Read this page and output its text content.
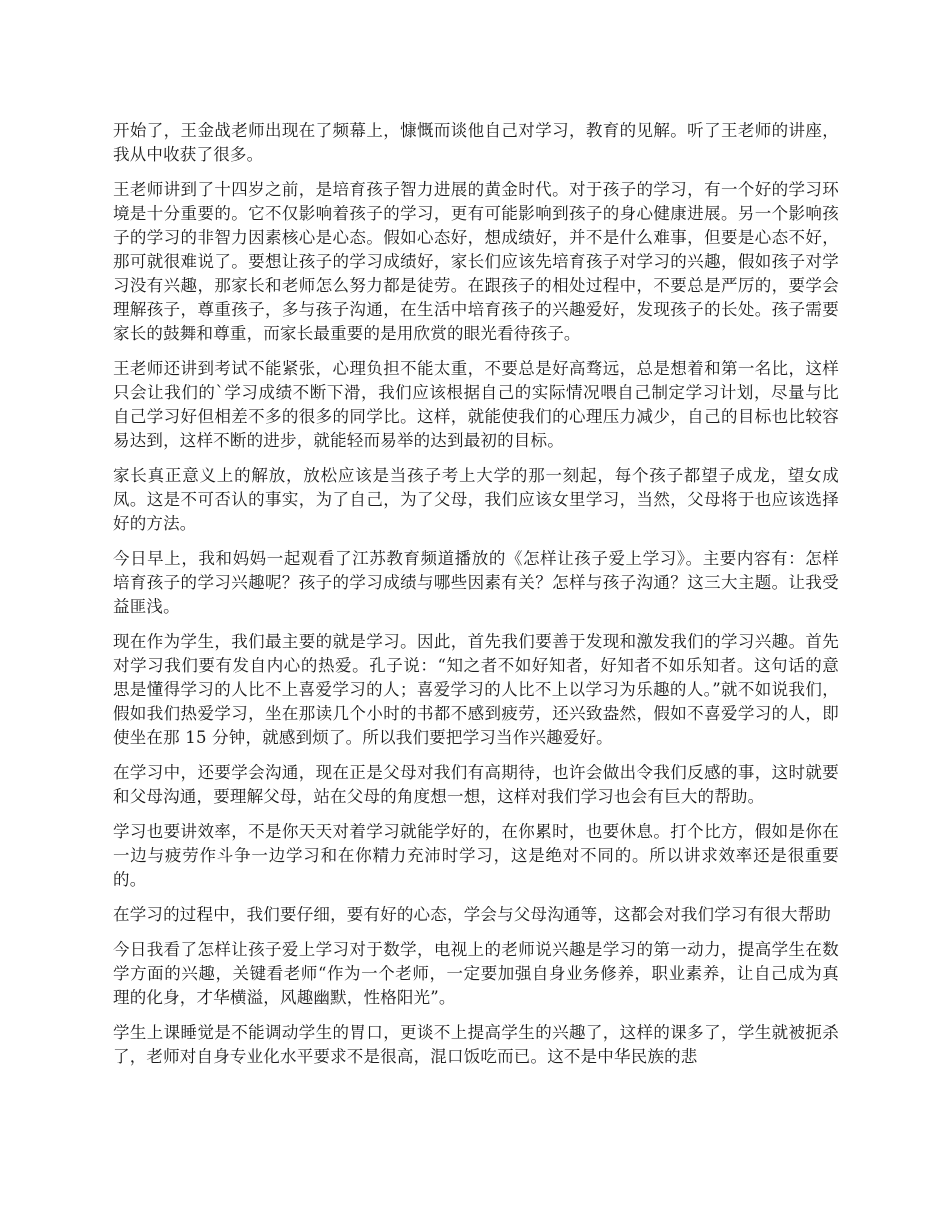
开始了，王金战老师出现在了频幕上，慷慨而谈他自己对学习，教育的见解。听了王老师的讲座，我从中收获了很多。

王老师讲到了十四岁之前，是培育孩子智力进展的黄金时代。对于孩子的学习，有一个好的学习环境是十分重要的。它不仅影响着孩子的学习，更有可能影响到孩子的身心健康进展。另一个影响孩子的学习的非智力因素核心是心态。假如心态好，想成绩好，并不是什么难事，但要是心态不好，那可就很难说了。要想让孩子的学习成绩好，家长们应该先培育孩子对学习的兴趣，假如孩子对学习没有兴趣，那家长和老师怎么努力都是徒劳。在跟孩子的相处过程中，不要总是严厉的，要学会理解孩子，尊重孩子，多与孩子沟通，在生活中培育孩子的兴趣爱好，发现孩子的长处。孩子需要家长的鼓舞和尊重，而家长最重要的是用欣赏的眼光看待孩子。

王老师还讲到考试不能紧张，心理负担不能太重，不要总是好高骛远，总是想着和第一名比，这样只会让我们的`学习成绩不断下滑，我们应该根据自己的实际情况喂自己制定学习计划，尽量与比自己学习好但相差不多的很多的同学比。这样，就能使我们的心理压力减少，自己的目标也比较容易达到，这样不断的进步，就能轻而易举的达到最初的目标。

家长真正意义上的解放，放松应该是当孩子考上大学的那一刻起，每个孩子都望子成龙，望女成凤。这是不可否认的事实，为了自己，为了父母，我们应该女里学习，当然，父母将于也应该选择好的方法。

今日早上，我和妈妈一起观看了江苏教育频道播放的《怎样让孩子爱上学习》。主要内容有：怎样培育孩子的学习兴趣呢？孩子的学习成绩与哪些因素有关？怎样与孩子沟通？这三大主题。让我受益匪浅。

现在作为学生，我们最主要的就是学习。因此，首先我们要善于发现和激发我们的学习兴趣。首先对学习我们要有发自内心的热爱。孔子说：“知之者不如好知者，好知者不如乐知者。这句话的意思是懂得学习的人比不上喜爱学习的人；喜爱学习的人比不上以学习为乐趣的人。”就不如说我们，假如我们热爱学习，坐在那读几个小时的书都不感到疲劳，还兴致盎然，假如不喜爱学习的人，即使坐在那 15 分钟，就感到烦了。所以我们要把学习当作兴趣爱好。

在学习中，还要学会沟通，现在正是父母对我们有高期待，也许会做出令我们反感的事，这时就要和父母沟通，要理解父母，站在父母的角度想一想，这样对我们学习也会有巨大的帮助。

学习也要讲效率，不是你天天对着学习就能学好的，在你累时，也要休息。打个比方，假如是你在一边与疲劳作斗争一边学习和在你精力充沛时学习，这是绝对不同的。所以讲求效率还是很重要的。

在学习的过程中，我们要仔细，要有好的心态，学会与父母沟通等，这都会对我们学习有很大帮助

今日我看了怎样让孩子爱上学习对于数学，电视上的老师说兴趣是学习的第一动力，提高学生在数学方面的兴趣，关键看老师“作为一个老师，一定要加强自身业务修养，职业素养，让自己成为真理的化身，才华横溢，风趣幽默，性格阳光”。

学生上课睡觉是不能调动学生的胃口，更谈不上提高学生的兴趣了，这样的课多了，学生就被扼杀了，老师对自身专业化水平要求不是很高，混口饭吃而已。这不是中华民族的悲
